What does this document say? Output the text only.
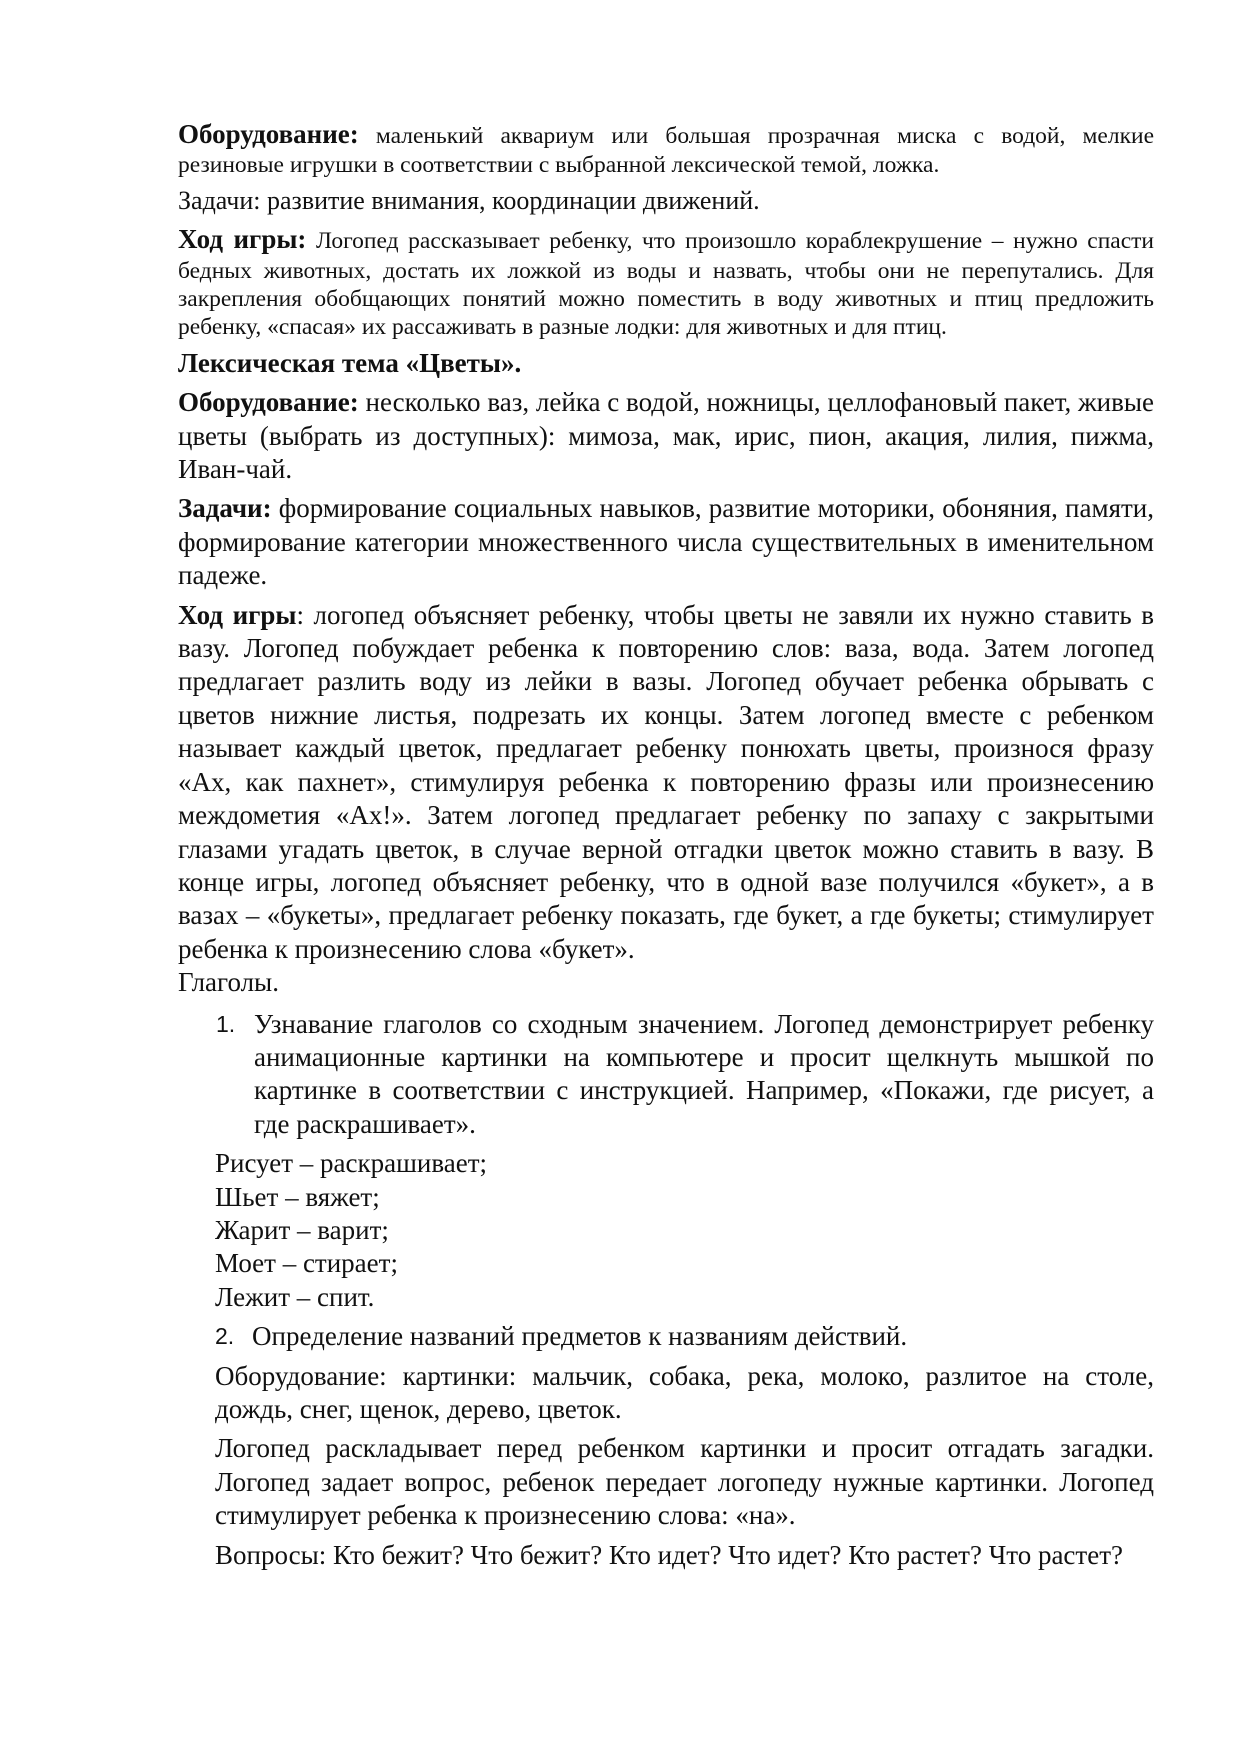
Оборудование: маленький аквариум или большая прозрачная миска с водой, мелкие резиновые игрушки в соответствии с выбранной лексической темой, ложка.

Задачи: развитие внимания, координации движений.

Ход игры: Логопед рассказывает ребенку, что произошло кораблекрушение – нужно спасти бедных животных, достать их ложкой из воды и назвать, чтобы они не перепутались. Для закрепления обобщающих понятий можно поместить в воду животных и птиц предложить ребенку, «спасая» их рассаживать в разные лодки: для животных и для птиц.

Лексическая тема «Цветы».

Оборудование: несколько ваз, лейка с водой, ножницы, целлофановый пакет, живые цветы (выбрать из доступных): мимоза, мак, ирис, пион, акация, лилия, пижма, Иван-чай.

Задачи: формирование социальных навыков, развитие моторики, обоняния, памяти, формирование категории множественного числа существительных в именительном падеже.

Ход игры: логопед объясняет ребенку, чтобы цветы не завяли их нужно ставить в вазу. Логопед побуждает ребенка к повторению слов: ваза, вода. Затем логопед предлагает разлить воду из лейки в вазы. Логопед обучает ребенка обрывать с цветов нижние листья, подрезать их концы. Затем логопед вместе с ребенком называет каждый цветок, предлагает ребенку понюхать цветы, произнося фразу «Ах, как пахнет», стимулируя ребенка к повторению фразы или произнесению междометия «Ах!». Затем логопед предлагает ребенку по запаху с закрытыми глазами угадать цветок, в случае верной отгадки цветок можно ставить в вазу. В конце игры, логопед объясняет ребенку, что в одной вазе получился «букет», а в вазах – «букеты», предлагает ребенку показать, где букет, а где букеты; стимулирует ребенка к произнесению слова «букет».

Глаголы.

1. Узнавание глаголов со сходным значением. Логопед демонстрирует ребенку анимационные картинки на компьютере и просит щелкнуть мышкой по картинке в соответствии с инструкцией. Например, «Покажи, где рисует, а где раскрашивает».
Рисует – раскрашивает;
Шьет – вяжет;
Жарит – варит;
Моет – стирает;
Лежит – спит.
2. Определение названий предметов к названиям действий.
Оборудование: картинки: мальчик, собака, река, молоко, разлитое на столе, дождь, снег, щенок, дерево, цветок.
Логопед раскладывает перед ребенком картинки и просит отгадать загадки. Логопед задает вопрос, ребенок передает логопеду нужные картинки. Логопед стимулирует ребенка к произнесению слова: «на».
Вопросы: Кто бежит? Что бежит? Кто идет? Что идет? Кто растет? Что растет?
